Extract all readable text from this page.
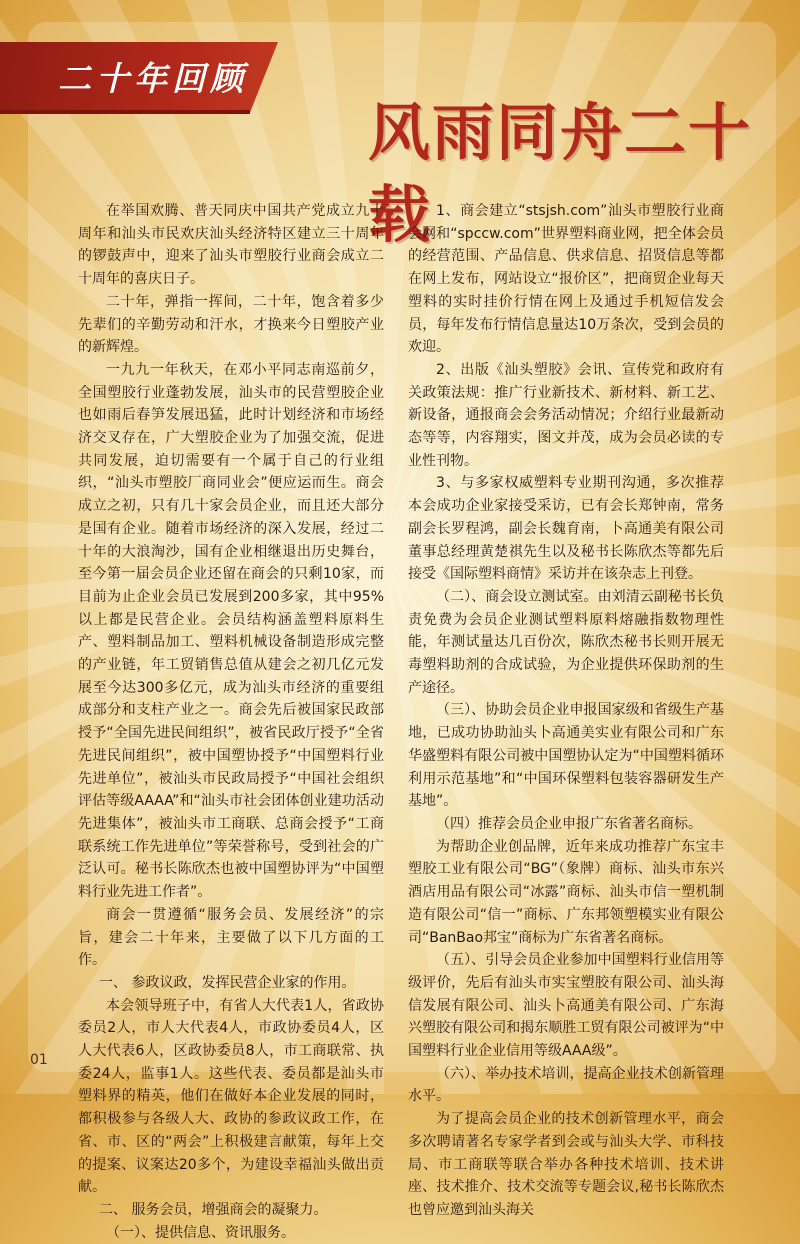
二十年回顾
风雨同舟二十载

在举国欢腾、普天同庆中国共产党成立九十周年和汕头市民欢庆汕头经济特区建立三十周年的锣鼓声中，迎来了汕头市塑胶行业商会成立二十周年的喜庆日子。

二十年，弹指一挥间，二十年，饱含着多少先辈们的辛勤劳动和汗水，才换来今日塑胶产业的新辉煌。

一九九一年秋天，在邓小平同志南巡前夕，全国塑胶行业蓬勃发展，汕头市的民营塑胶企业也如雨后春笋发展迅猛，此时计划经济和市场经济交叉存在，广大塑胶企业为了加强交流，促进共同发展，迫切需要有一个属于自己的行业组织，“汕头市塑胶厂商同业会”便应运而生。商会成立之初，只有几十家会员企业，而且还大部分是国有企业。随着市场经济的深入发展，经过二十年的大浪淘沙，国有企业相继退出历史舞台，至今第一届会员企业还留在商会的只剩10家，而目前为止企业会员已发展到200多家，其中95%以上都是民营企业。会员结构涵盖塑料原料生产、塑料制品加工、塑料机械设备制造形成完整的产业链，年工贸销售总值从建会之初几亿元发展至今达300多亿元，成为汕头市经济的重要组成部分和支柱产业之一。商会先后被国家民政部授予“全国先进民间组织”，被省民政厅授予“全省先进民间组织”，被中国塑协授予“中国塑料行业先进单位”，被汕头市民政局授予“中国社会组织评估等级AAAA”和“汕头市社会团体创业建功活动先进集体”，被汕头市工商联、总商会授予“工商联系统工作先进单位”等荣誉称号，受到社会的广泛认可。秘书长陈欣杰也被中国塑协评为“中国塑料行业先进工作者”。

商会一贯遵循“服务会员、发展经济”的宗旨，建会二十年来，主要做了以下几方面的工作。

一、 参政议政，发挥民营企业家的作用。

本会领导班子中，有省人大代表1人，省政协委员2人，市人大代表4人，市政协委员4人，区人大代表6人，区政协委员8人，市工商联常、执委24人，监事1人。这些代表、委员都是汕头市塑料界的精英，他们在做好本企业发展的同时，都积极参与各级人大、政协的参政议政工作，在省、市、区的“两会”上积极建言献策，每年上交的提案、议案达20多个，为建设幸福汕头做出贡献。

二、 服务会员，增强商会的凝聚力。

（一）、提供信息、资讯服务。

1、商会建立“stsjsh.com”汕头市塑胶行业商会网和“spccw.com”世界塑料商业网，把全体会员的经营范围、产品信息、供求信息、招贤信息等都在网上发布，网站设立“报价区”，把商贸企业每天塑料的实时挂价行情在网上及通过手机短信发会员，每年发布行情信息量达10万条次，受到会员的欢迎。

2、出版《汕头塑胶》会讯、宣传党和政府有关政策法规：推广行业新技术、新材料、新工艺、新设备，通报商会会务活动情况；介绍行业最新动态等等，内容翔实，图文并茂，成为会员必读的专业性刊物。

3、与多家权威塑料专业期刊沟通，多次推荐本会成功企业家接受采访，已有会长郑钟南，常务副会长罗程鸿，副会长魏育南，卜高通美有限公司董事总经理黄楚祺先生以及秘书长陈欣杰等都先后接受《国际塑料商情》采访并在该杂志上刊登。

（二）、商会设立测试室。由刘清云副秘书长负责免费为会员企业测试塑料原料熔融指数物理性能，年测试量达几百份次，陈欣杰秘书长则开展无毒塑料助剂的合成试验，为企业提供环保助剂的生产途径。

（三）、协助会员企业申报国家级和省级生产基地，已成功协助汕头卜高通美实业有限公司和广东华盛塑料有限公司被中国塑协认定为“中国塑料循环利用示范基地”和“中国环保塑料包装容器研发生产基地”。

（四）推荐会员企业申报广东省著名商标。

为帮助企业创品牌，近年来成功推荐广东宝丰塑胶工业有限公司“BG”（象牌）商标、汕头市东兴酒店用品有限公司“冰露”商标、汕头市信一塑机制造有限公司“信一”商标、广东邦领塑模实业有限公司“BanBao邦宝”商标为广东省著名商标。

（五）、引导会员企业参加中国塑料行业信用等级评价，先后有汕头市实宝塑胶有限公司、汕头海信发展有限公司、汕头卜高通美有限公司、广东海兴塑胶有限公司和揭东顺胜工贸有限公司被评为“中国塑料行业企业信用等级AAA级”。

（六）、举办技术培训，提高企业技术创新管理水平。

为了提高会员企业的技术创新管理水平，商会多次聘请著名专家学者到会或与汕头大学、市科技局、市工商联等联合举办各种技术培训、技术讲座、技术推介、技术交流等专题会议,秘书长陈欣杰也曾应邀到汕头海关

01
